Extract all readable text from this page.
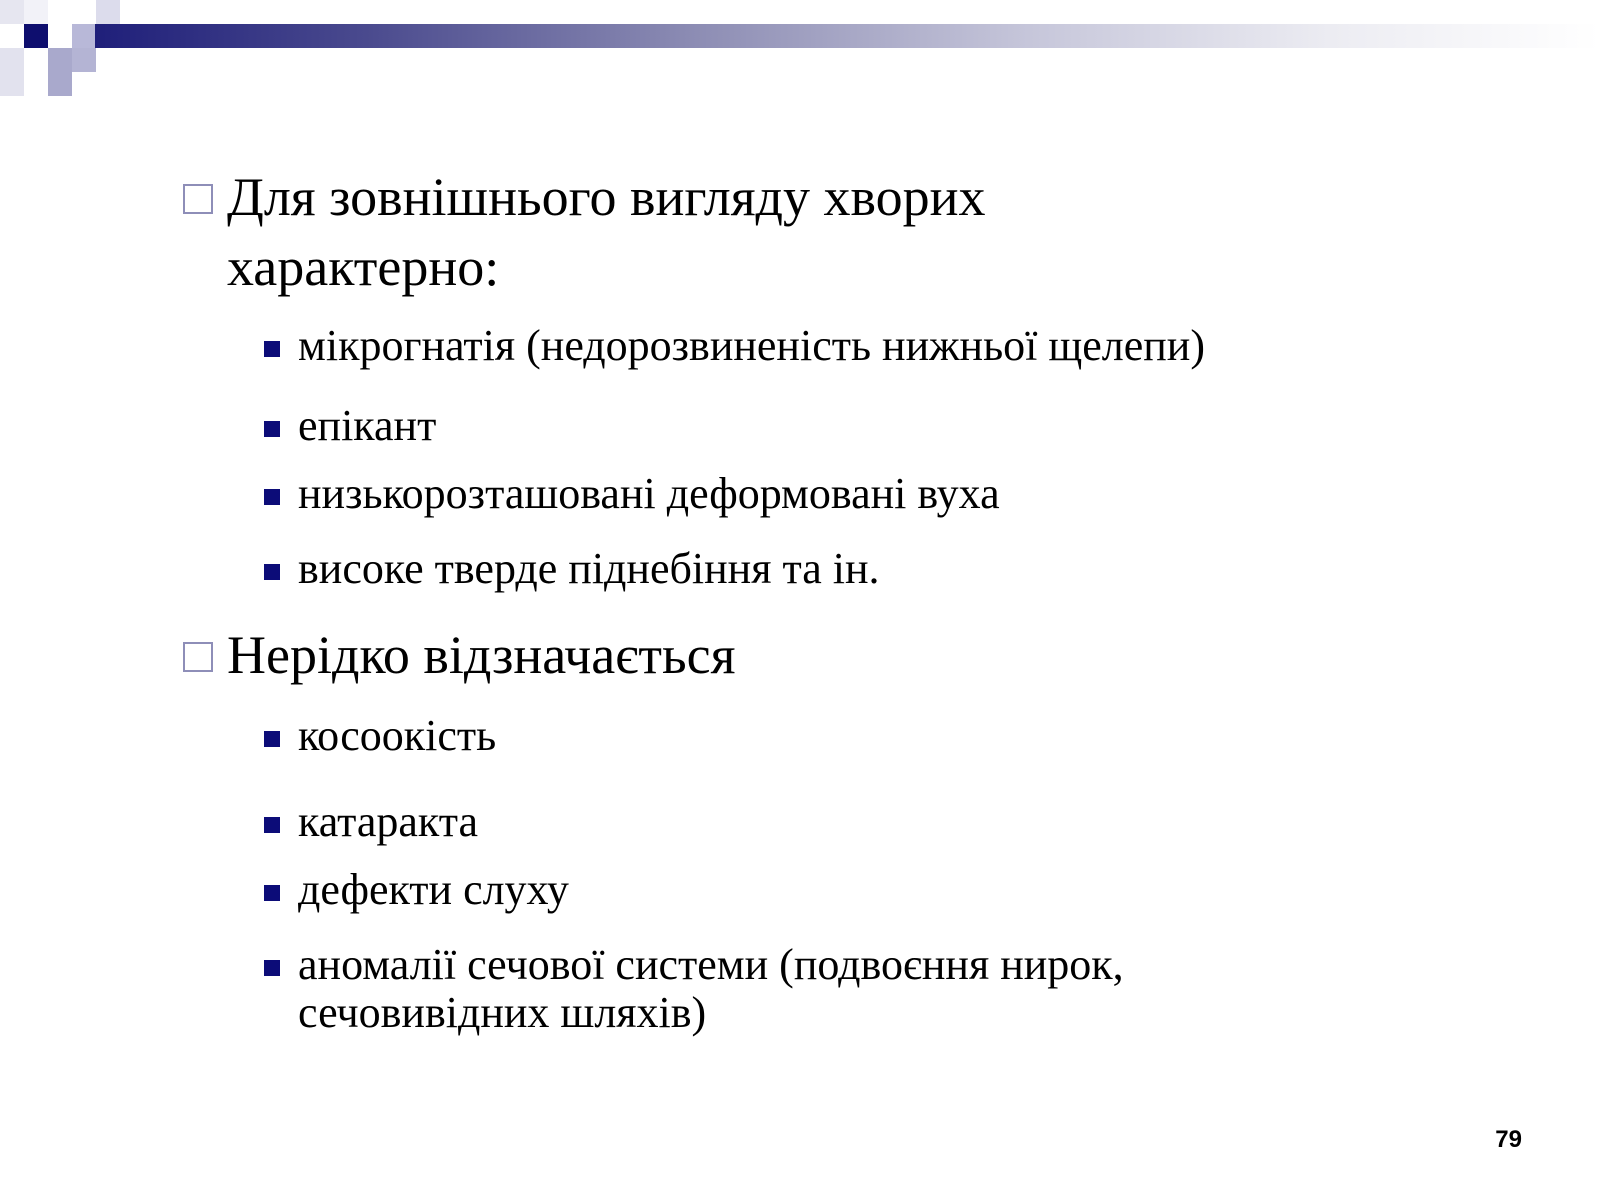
Для зовнішнього вигляду хворих
характерно:
мікрогнатія (недорозвиненість нижньої щелепи)
епікант
низькорозташовані деформовані вуха
високе тверде піднебіння та ін.
Нерідко відзначається
косоокість
катаракта
дефекти слуху
аномалії сечової системи (подвоєння нирок,
сечовивідних шляхів)
79
